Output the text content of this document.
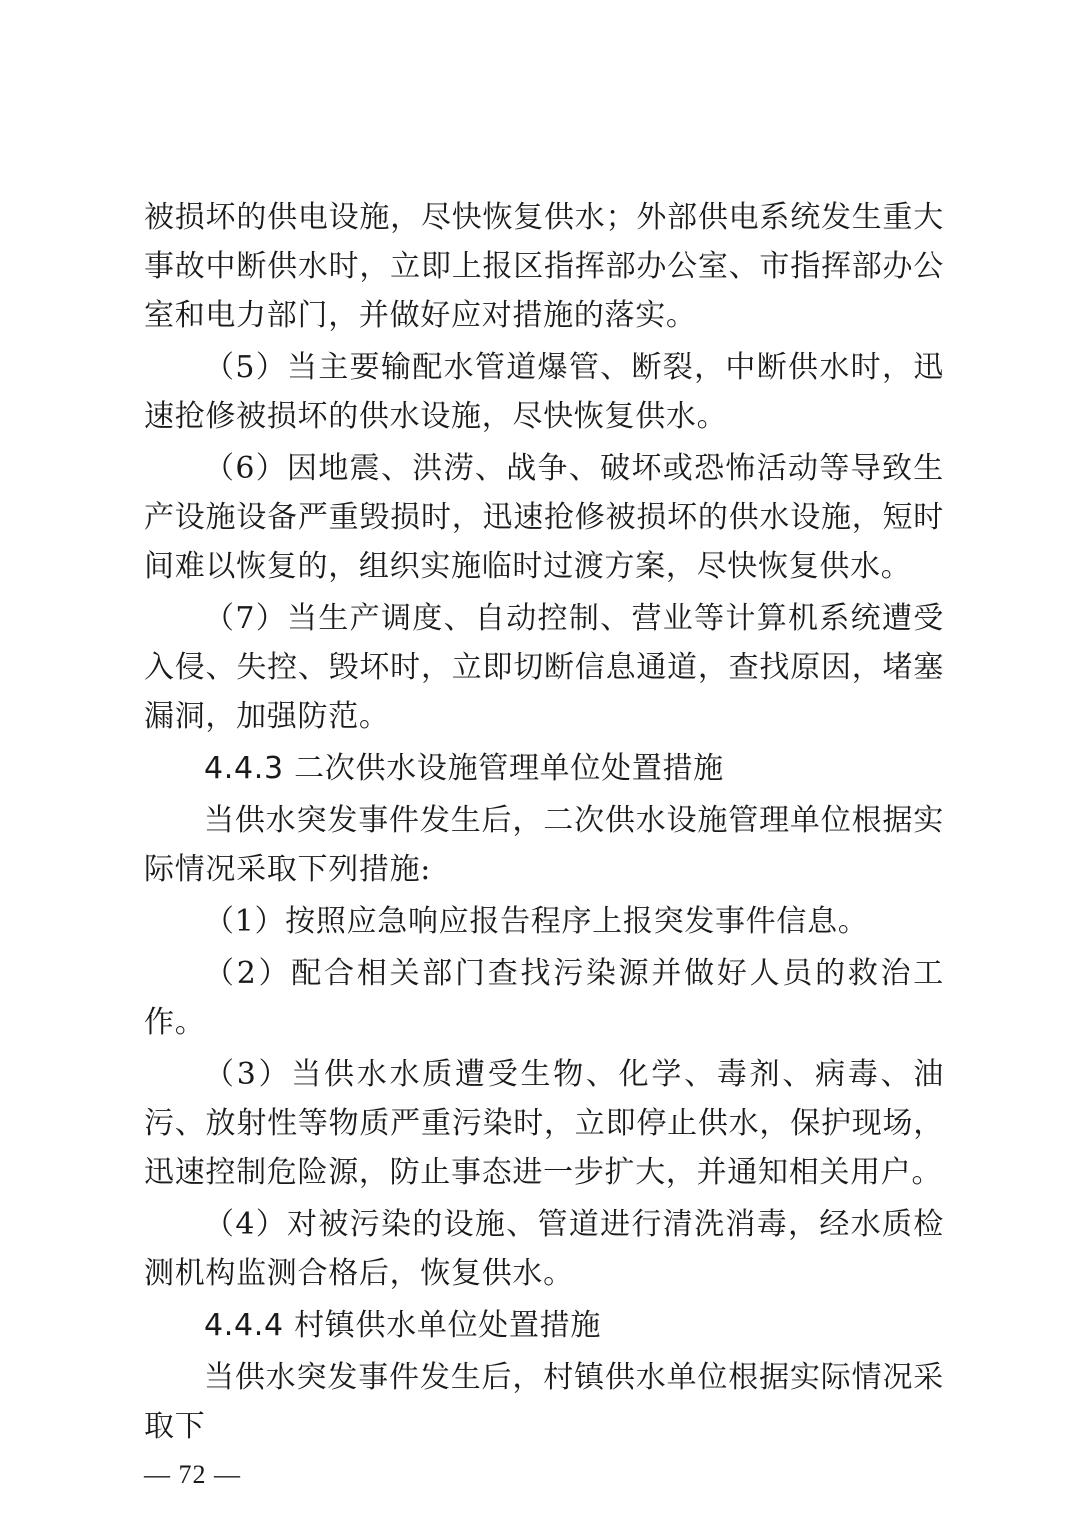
被损坏的供电设施，尽快恢复供水；外部供电系统发生重大事故中断供水时，立即上报区指挥部办公室、市指挥部办公室和电力部门，并做好应对措施的落实。

（5）当主要输配水管道爆管、断裂，中断供水时，迅速抢修被损坏的供水设施，尽快恢复供水。

（6）因地震、洪涝、战争、破坏或恐怖活动等导致生产设施设备严重毁损时，迅速抢修被损坏的供水设施，短时间难以恢复的，组织实施临时过渡方案，尽快恢复供水。

（7）当生产调度、自动控制、营业等计算机系统遭受入侵、失控、毁坏时，立即切断信息通道，查找原因，堵塞漏洞，加强防范。

4.4.3 二次供水设施管理单位处置措施

当供水突发事件发生后，二次供水设施管理单位根据实际情况采取下列措施:

（1）按照应急响应报告程序上报突发事件信息。

（2）配合相关部门查找污染源并做好人员的救治工作。

（3）当供水水质遭受生物、化学、毒剂、病毒、油污、放射性等物质严重污染时，立即停止供水，保护现场，迅速控制危险源，防止事态进一步扩大，并通知相关用户。

（4）对被污染的设施、管道进行清洗消毒，经水质检测机构监测合格后，恢复供水。

4.4.4 村镇供水单位处置措施

当供水突发事件发生后，村镇供水单位根据实际情况采取下

— 72 —
